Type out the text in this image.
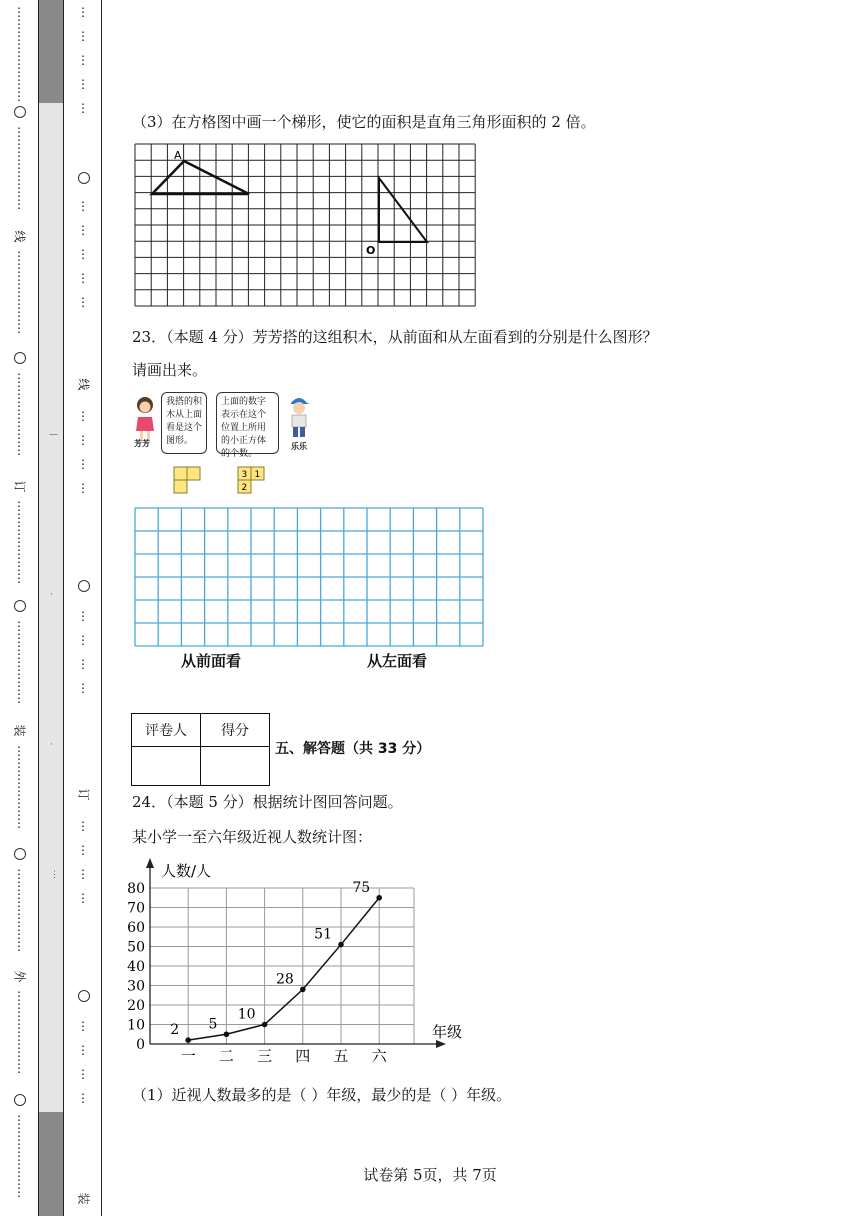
⋮
⋮
⋮
⋮
⋮
⋮
⋮
⋮
⋮
⋮
⋮
⋮
⋮
⋮
⋮
线
⋮
⋮
⋮
⋮
⋮
⋮
⋮
⋮
⋮
⋮
⋮
⋮
⋮
⋮
订
⋮
⋮
⋮
⋮
⋮
⋮
⋮
⋮
⋮
⋮
⋮
⋮
⋮
⋮
装
⋮
⋮
⋮
⋮
⋮
⋮
⋮
⋮
⋮
⋮
⋮
⋮
⋮
⋮
外
⋮
⋮
⋮
⋮
⋮
⋮
⋮
⋮
⋮
⋮
⋮
⋮
⋮
⋮
—
·
·
⋮
⋮

⋮

⋮

⋮

⋮
⋮

⋮

⋮

⋮

⋮
线
⋮

⋮

⋮

⋮
⋮

⋮

⋮

⋮
订
⋮

⋮

⋮

⋮
⋮

⋮

⋮

⋮
装
（3）在方格图中画一个梯形，使它的面积是直角三角形面积的 2 倍。
A
O
23．（本题 4 分）芳芳搭的这组积木，从前面和从左面看到的分别是什么图形？
请画出来。
芳芳
我搭的积木从上面看是这个图形。
上面的数字表示在这个位置上所用的小正方体的个数。
乐乐
3 1
2
从前面看	从左面看
评卷人	得分

五、解答题（共 33 分）
24．（本题 5 分）根据统计图回答问题。
某小学一至六年级近视人数统计图：
0
10
20
30
40
50
60
70
80
一 二 三 四 五 六
2 5
10
28
51
75
人数/人
年级
（1）近视人数最多的是（ ）年级，最少的是（ ）年级。
试卷第 5页，共 7页
